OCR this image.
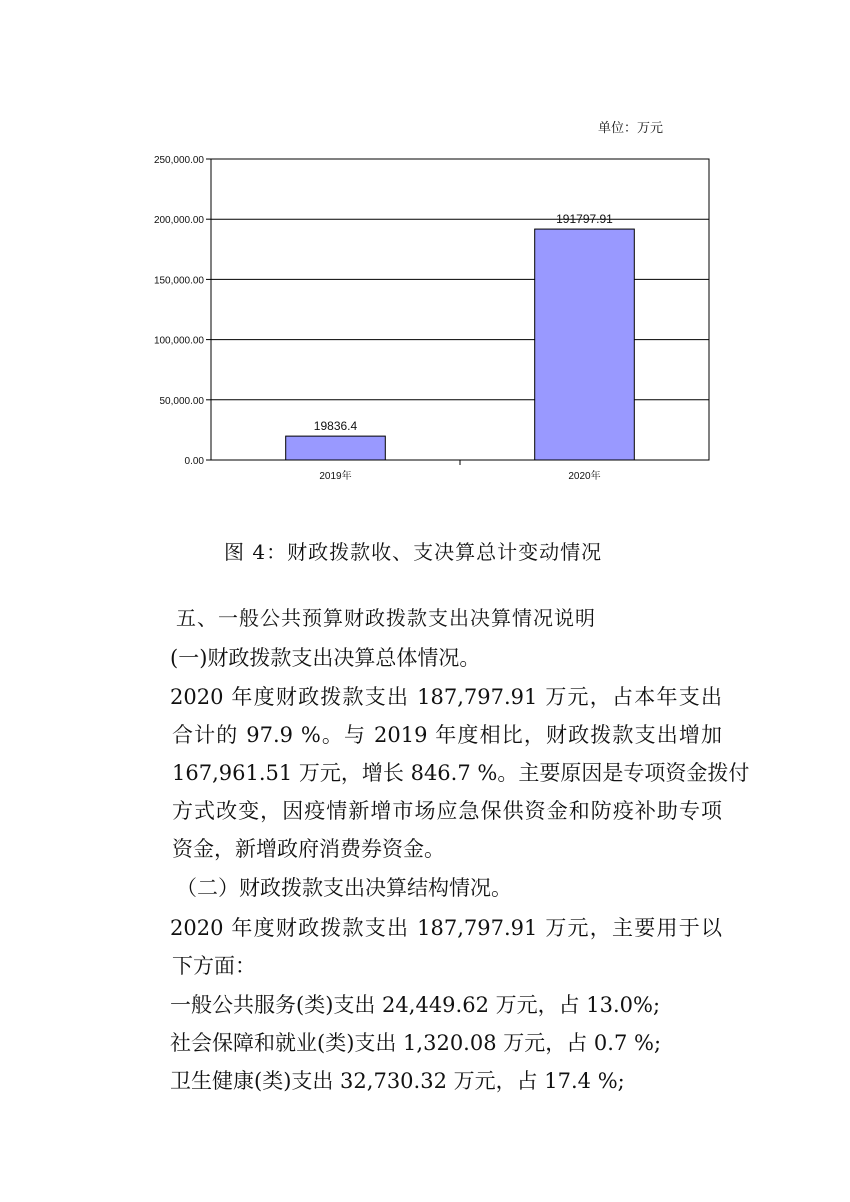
0.00
50,000.00
100,000.00
150,000.00
200,000.00
250,000.00
19836.4
191797.91
2019年	2020年
单位：万元
图 4：财政拨款收、支决算总计变动情况
五、一般公共预算财政拨款支出决算情况说明
(一)财政拨款支出决算总体情况。
2020 年度财政拨款支出 187,797.91 万元，占本年支出
合计的 97.9 %。与 2019 年度相比，财政拨款支出增加
167,961.51 万元，增长 846.7 %。主要原因是专项资金拨付
方式改变，因疫情新增市场应急保供资金和防疫补助专项
资金，新增政府消费券资金。
（二）财政拨款支出决算结构情况。
2020 年度财政拨款支出 187,797.91 万元，主要用于以
下方面：
一般公共服务(类)支出 24,449.62 万元，占 13.0%;
社会保障和就业(类)支出 1,320.08 万元，占 0.7 %;
卫生健康(类)支出 32,730.32 万元，占 17.4 %;
